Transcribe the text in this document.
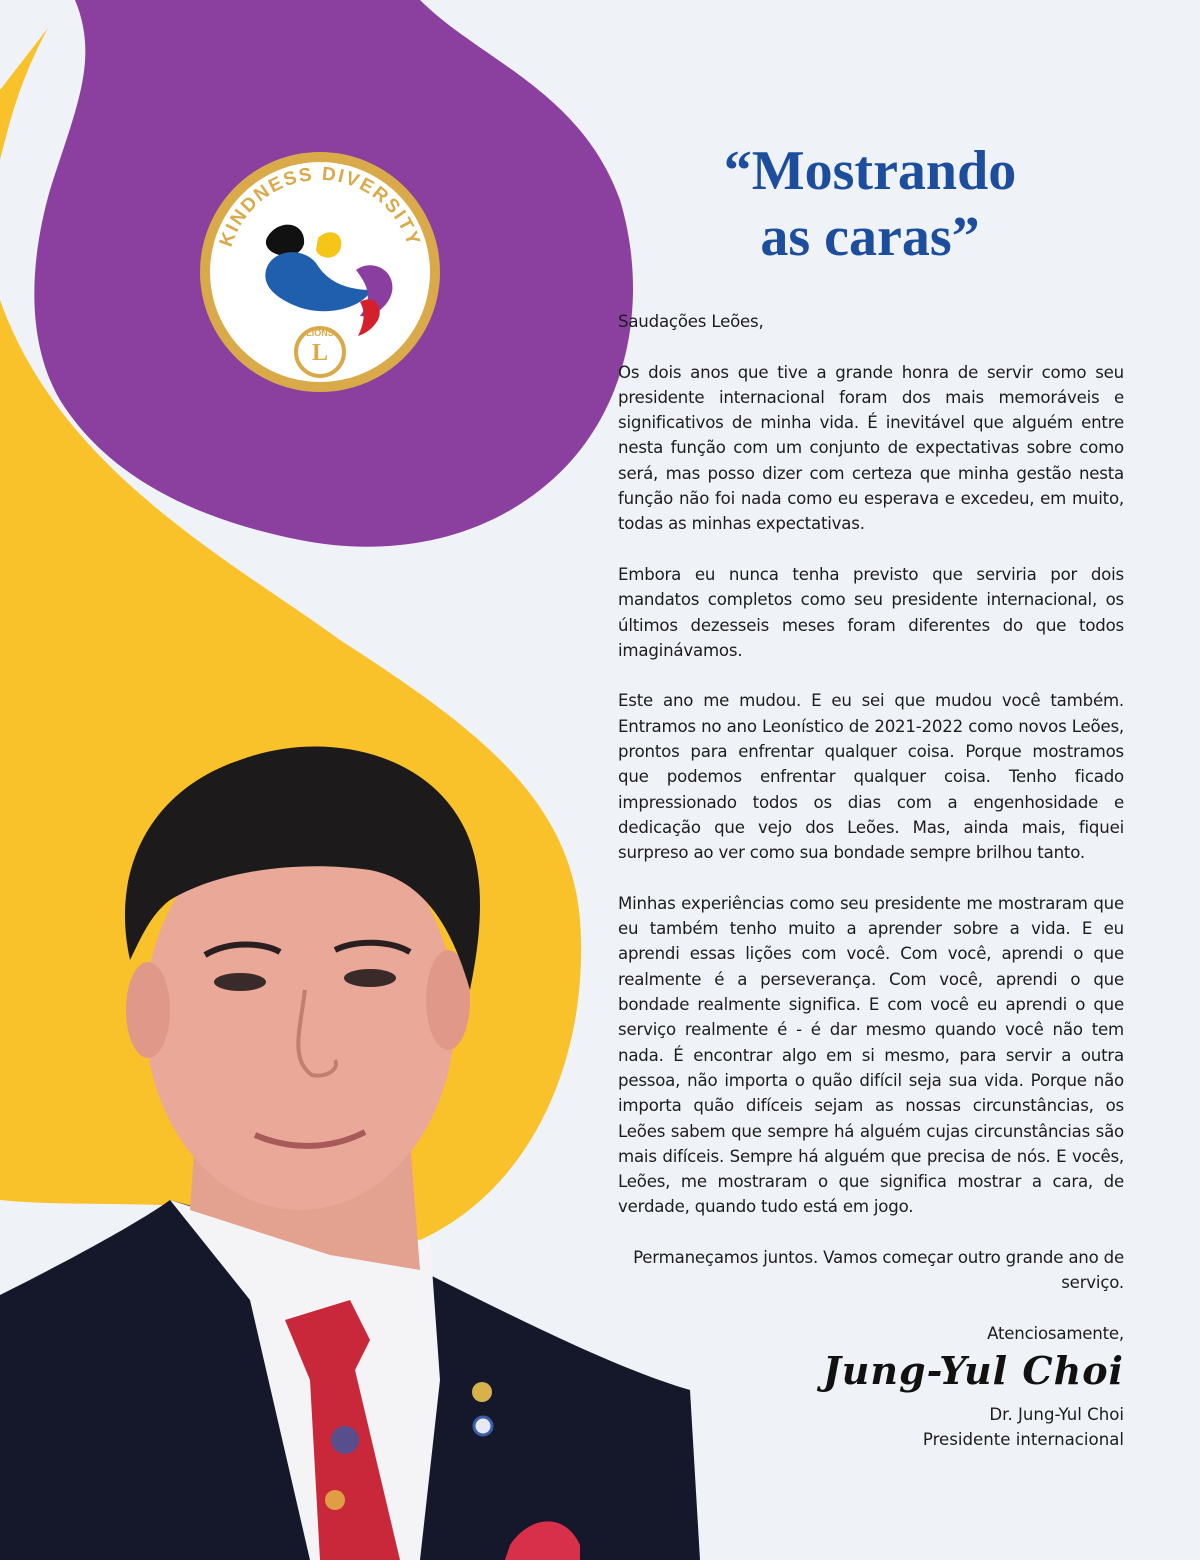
KINDNESS DIVERSITY
L
LIONS
“Mostrando
as caras”

Saudações Leões,

Os dois anos que tive a grande honra de servir como seu presidente internacional foram dos mais memoráveis e significativos de minha vida. É inevitável que alguém entre nesta função com um conjunto de expectativas sobre como será, mas posso dizer com certeza que minha gestão nesta função não foi nada como eu esperava e excedeu, em muito, todas as minhas expectativas.

Embora eu nunca tenha previsto que serviria por dois mandatos completos como seu presidente internacional, os últimos dezesseis meses foram diferentes do que todos imaginávamos.

Este ano me mudou. E eu sei que mudou você também. Entramos no ano Leonístico de 2021-2022 como novos Leões, prontos para enfrentar qualquer coisa. Porque mostramos que podemos enfrentar qualquer coisa. Tenho ficado impressionado todos os dias com a engenhosidade e dedicação que vejo dos Leões. Mas, ainda mais, fiquei surpreso ao ver como sua bondade sempre brilhou tanto.

Minhas experiências como seu presidente me mostraram que eu também tenho muito a aprender sobre a vida. E eu aprendi essas lições com você. Com você, aprendi o que realmente é a perseverança. Com você, aprendi o que bondade realmente significa. E com você eu aprendi o que serviço realmente é - é dar mesmo quando você não tem nada. É encontrar algo em si mesmo, para servir a outra pessoa, não importa o quão difícil seja sua vida. Porque não importa quão difíceis sejam as nossas circunstâncias, os Leões sabem que sempre há alguém cujas circunstâncias são mais difíceis. Sempre há alguém que precisa de nós. E vocês, Leões, me mostraram o que significa mostrar a cara, de verdade, quando tudo está em jogo.

Permaneçamos juntos. Vamos começar outro grande ano de serviço.

Atenciosamente,

Jung-Yul Choi
Dr. Jung-Yul Choi
Presidente internacional
